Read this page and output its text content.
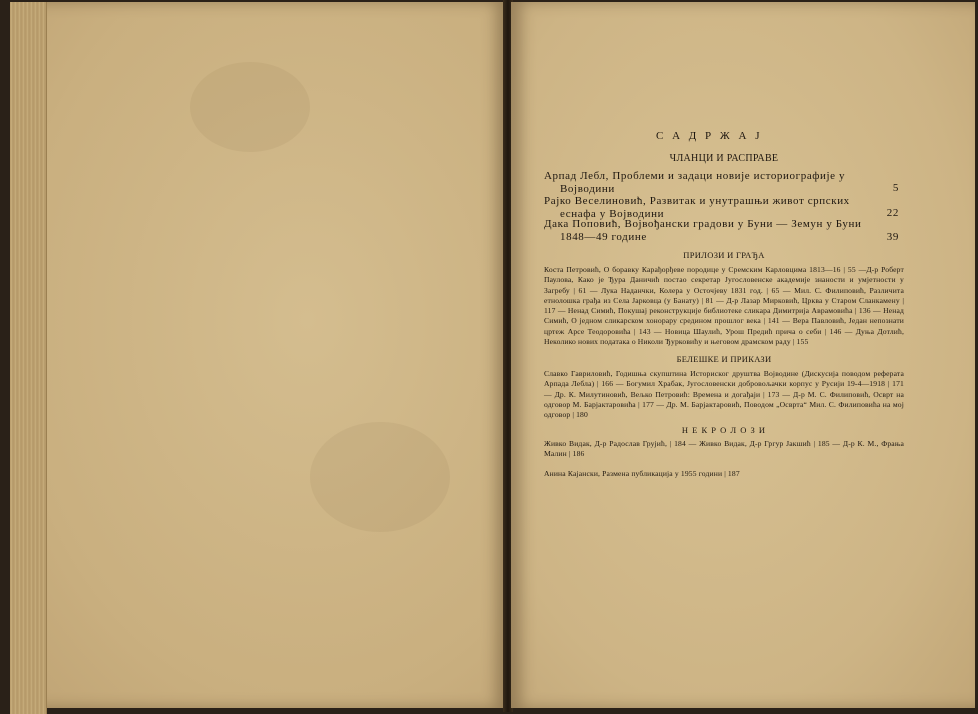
С А Д Р Ж А Ј
ЧЛАНЦИ И РАСПРАВЕ
Арпад Лебл, Проблеми и задаци новије историографије у
Војводини	5
Рајко Веселиновић, Развитак и унутрашњи живот српских
еснафа у Војводини	22
Дака Поповић, Војвођански градови у Буни — Земун у Буни
1848—49 године	39
ПРИЛОЗИ И ГРАЂА
Коста Петровић, О боравку Карађорђеве породице у Сремским Карловцима 1813—16 | 55 —Д-р Роберт Паулова, Како је Ђура Даничић постао секретар Југословенске академије знаности и умјетности у Загребу | 61 — Лука Наданчки, Колера у Осточјеву 1831 год. | 65 — Мил. С. Филиповић, Различита етнолошка грађа из Села Јарковца (у Банату) | 81 — Д-р Лазар Мирковић, Црква у Старом Сланкамену | 117 — Ненад Симић, Покушај реконструкције библиотеке сликара Димитрија Аврамовића | 136 — Ненад Симић, О једном сликарском хонорару средином прошлог века | 141 — Вера Павловић, Један непознати цртеж Арсе Теодоровића | 143 — Новица Шаулић, Урош Предић прича о себи | 146 — Дуња Дотлић, Неколико нових података о Николи Ђурковићу и његовом драмском раду | 155
БЕЛЕШКЕ И ПРИКАЗИ
Славко Гавриловић, Годишња скупштина Историског друштва Војводине (Дискусија поводом реферата Арпада Лебла) | 166 — Богумил Храбак, Југословенски добровољачки корпус у Русији 19-4—1918 | 171 — Др. К. Милутиновић, Вељко Петровић: Времена и догађаји | 173 — Д-р М. С. Филиповић, Осврт на одговор М. Барјактаровића | 177 — Др. М. Барјактаровић, Поводом „Осврта“ Мил. С. Филиповића на мој одговор | 180
Н Е К Р О Л О З И
Живко Видак, Д-р Радослав Грујић, | 184 — Живко Видак, Д-р Гргур Јакшић | 185 — Д-р К. М., Фрања Малин | 186
Анина Кајански, Размена публикација у 1955 години | 187
